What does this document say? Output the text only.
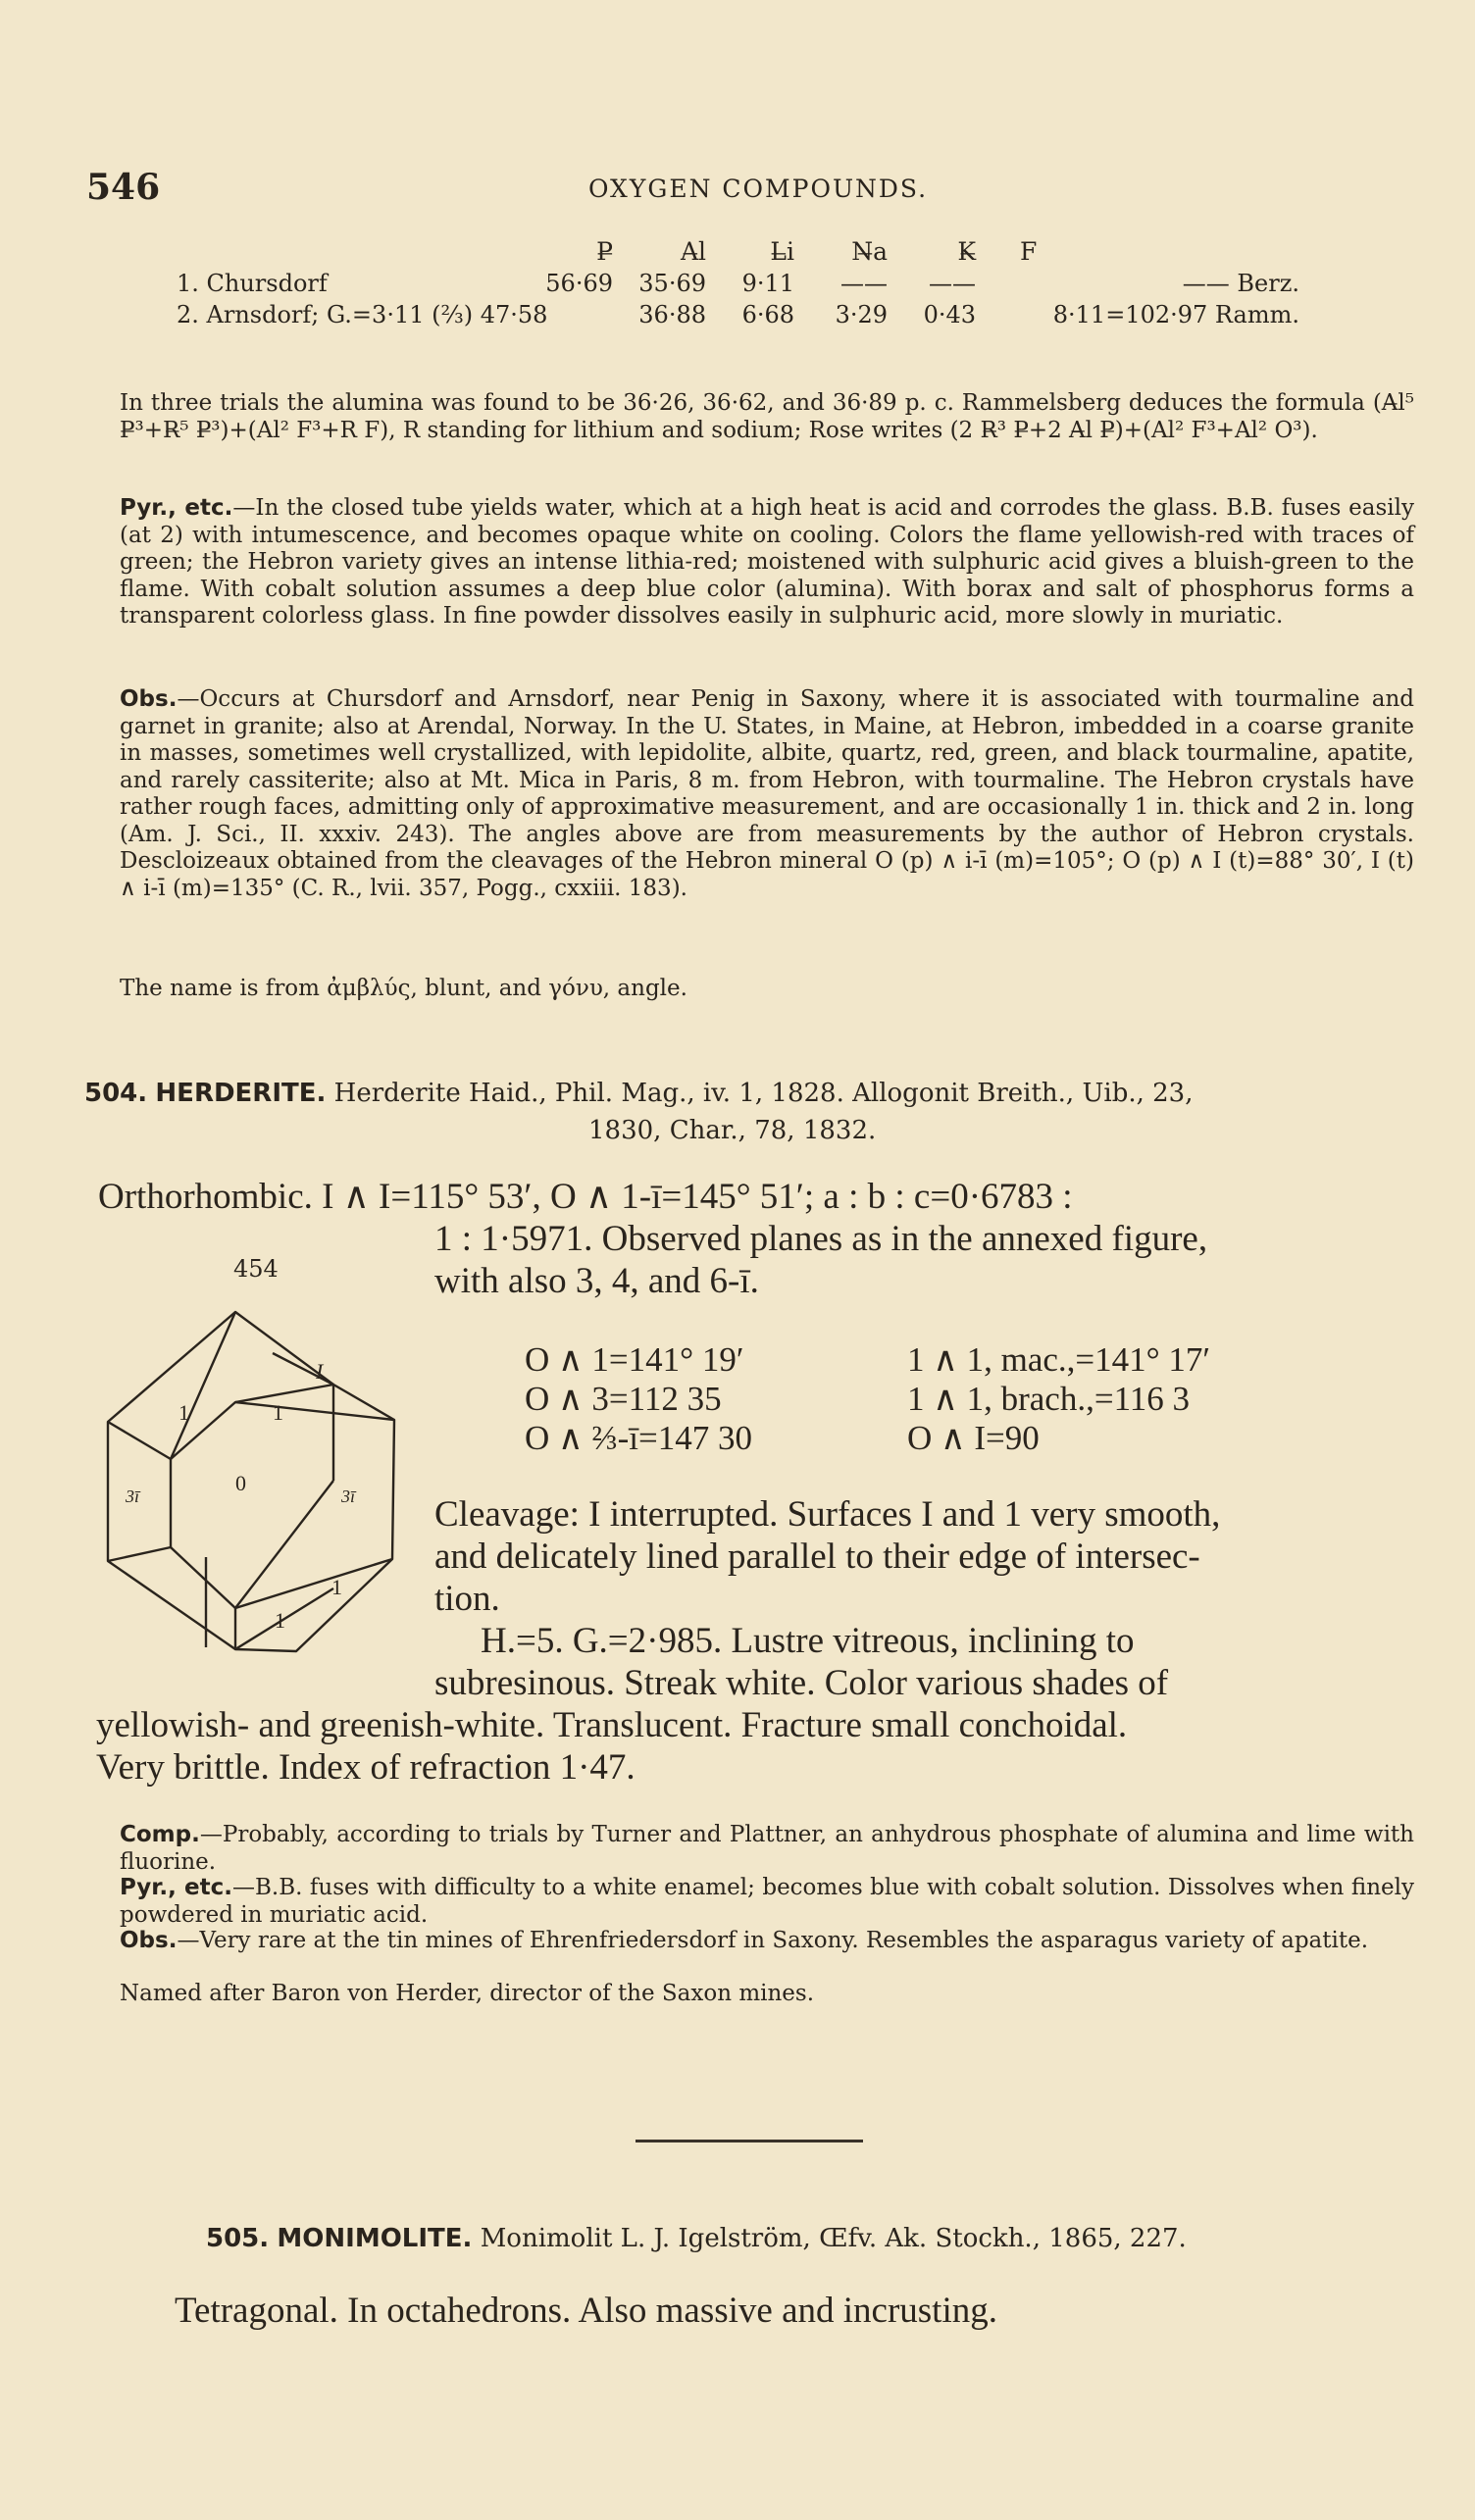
546	OXYGEN COMPOUNDS.
	P̶	A̶l	L̶i	N̶a	K̶	F
1. Chursdorf	56·69	35·69	9·11	——	——	—— Berz.
2. Arnsdorf; G.=3·11 (⅔) 47·58		36·88	6·68	3·29	0·43	8·11=102·97 Ramm.

In three trials the alumina was found to be 36·26, 36·62, and 36·89 p. c. Rammelsberg deduces the formula (A̶l⁵ P̶³+R̶⁵ P̶³)+(Al² F³+R F), R standing for lithium and sodium; Rose writes (2 R̶³ P̶+2 A̶l P̶)+(Al² F³+Al² O³).

Pyr., etc.—In the closed tube yields water, which at a high heat is acid and corrodes the glass. B.B. fuses easily (at 2) with intumescence, and becomes opaque white on cooling. Colors the flame yellowish-red with traces of green; the Hebron variety gives an intense lithia-red; moistened with sulphuric acid gives a bluish-green to the flame. With cobalt solution assumes a deep blue color (alumina). With borax and salt of phosphorus forms a transparent colorless glass. In fine powder dissolves easily in sulphuric acid, more slowly in muriatic.

Obs.—Occurs at Chursdorf and Arnsdorf, near Penig in Saxony, where it is associated with tourmaline and garnet in granite; also at Arendal, Norway. In the U. States, in Maine, at Hebron, imbedded in a coarse granite in masses, sometimes well crystallized, with lepidolite, albite, quartz, red, green, and black tourmaline, apatite, and rarely cassiterite; also at Mt. Mica in Paris, 8 m. from Hebron, with tourmaline. The Hebron crystals have rather rough faces, admitting only of approximative measurement, and are occasionally 1 in. thick and 2 in. long (Am. J. Sci., II. xxxiv. 243). The angles above are from measurements by the author of Hebron crystals. Descloizeaux obtained from the cleavages of the Hebron mineral O (p) ∧ i-ī (m)=105°; O (p) ∧ I (t)=88° 30′, I (t) ∧ i-ī (m)=135° (C. R., lvii. 357, Pogg., cxxiii. 183).

The name is from ἀμβλύς, blunt, and γόνυ, angle.

504. HERDERITE. Herderite Haid., Phil. Mag., iv. 1, 1828. Allogonit Breith., Uib., 23,
1830, Char., 78, 1832.
Orthorhombic. I ∧ I=115° 53′, O ∧ 1-ī=145° 51′; a : b : c=0·6783 :
1 : 1·5971. Observed planes as in the annexed figure,
with also 3, 4, and 6-ī.
454
I
1	1
0
3ī	3ī
1
1
O ∧ 1=141° 19′
O ∧ 3=112 35
O ∧ ⅔-ī=147 30
1 ∧ 1, mac.,=141° 17′
1 ∧ 1, brach.,=116 3
O ∧ I=90
Cleavage: I interrupted. Surfaces I and 1 very smooth,
and delicately lined parallel to their edge of intersec-
tion.
H.=5. G.=2·985. Lustre vitreous, inclining to
subresinous. Streak white. Color various shades of
yellowish- and greenish-white. Translucent. Fracture small conchoidal.
Very brittle. Index of refraction 1·47.

Comp.—Probably, according to trials by Turner and Plattner, an anhydrous phosphate of alumina and lime with fluorine.

Pyr., etc.—B.B. fuses with difficulty to a white enamel; becomes blue with cobalt solution. Dissolves when finely powdered in muriatic acid.

Obs.—Very rare at the tin mines of Ehrenfriedersdorf in Saxony. Resembles the asparagus variety of apatite.

Named after Baron von Herder, director of the Saxon mines.

505. MONIMOLITE. Monimolit L. J. Igelström, Œfv. Ak. Stockh., 1865, 227.
Tetragonal. In octahedrons. Also massive and incrusting.
